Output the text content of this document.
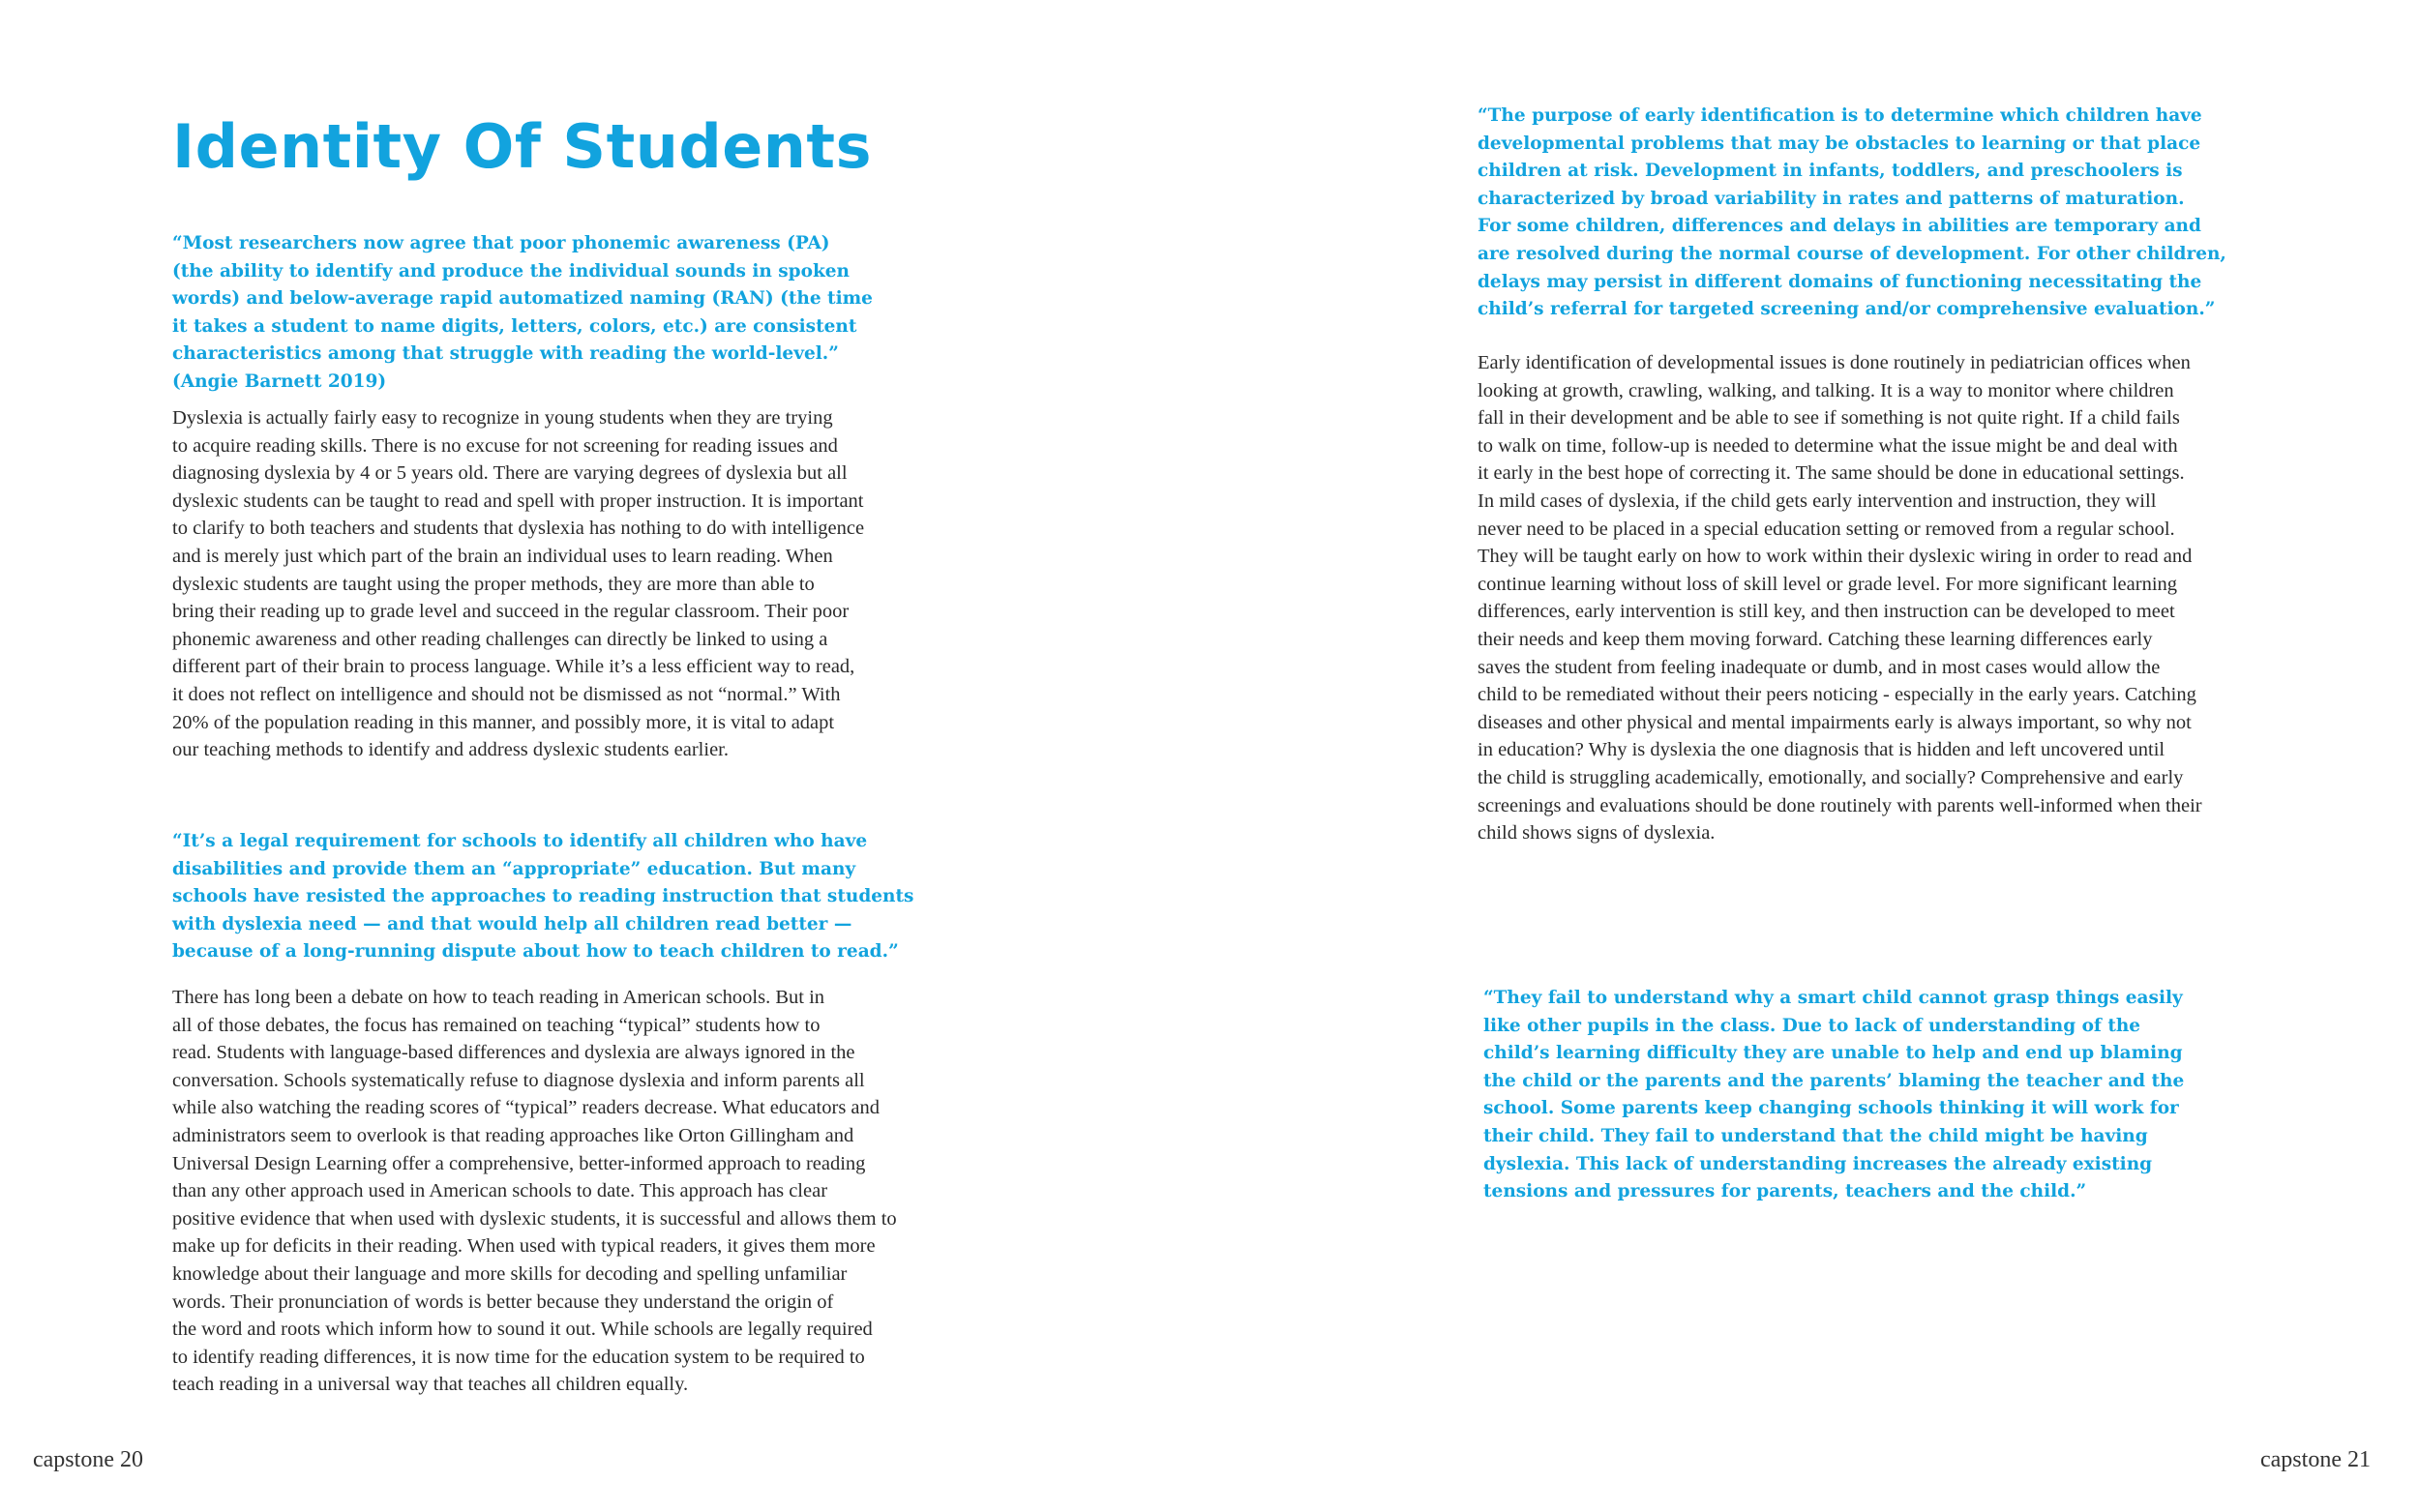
Identity Of Students

“Most researchers now agree that poor phonemic awareness (PA)
(the ability to identify and produce the individual sounds in spoken
words) and below-average rapid automatized naming (RAN) (the time
it takes a student to name digits, letters, colors, etc.) are consistent
characteristics among that struggle with reading the world-level.”
(Angie Barnett 2019)

Dyslexia is actually fairly easy to recognize in young students when they are trying
to acquire reading skills. There is no excuse for not screening for reading issues and
diagnosing dyslexia by 4 or 5 years old. There are varying degrees of dyslexia but all
dyslexic students can be taught to read and spell with proper instruction. It is important
to clarify to both teachers and students that dyslexia has nothing to do with intelligence
and is merely just which part of the brain an individual uses to learn reading. When
dyslexic students are taught using the proper methods, they are more than able to
bring their reading up to grade level and succeed in the regular classroom. Their poor
phonemic awareness and other reading challenges can directly be linked to using a
different part of their brain to process language. While it’s a less efficient way to read,
it does not reflect on intelligence and should not be dismissed as not “normal.” With
20% of the population reading in this manner, and possibly more, it is vital to adapt
our teaching methods to identify and address dyslexic students earlier.

“It’s a legal requirement for schools to identify all children who have
disabilities and provide them an “appropriate” education. But many
schools have resisted the approaches to reading instruction that students
with dyslexia need — and that would help all children read better —
because of a long-running dispute about how to teach children to read.”

There has long been a debate on how to teach reading in American schools. But in
all of those debates, the focus has remained on teaching “typical” students how to
read. Students with language-based differences and dyslexia are always ignored in the
conversation. Schools systematically refuse to diagnose dyslexia and inform parents all
while also watching the reading scores of “typical” readers decrease. What educators and
administrators seem to overlook is that reading approaches like Orton Gillingham and
Universal Design Learning offer a comprehensive, better-informed approach to reading
than any other approach used in American schools to date. This approach has clear
positive evidence that when used with dyslexic students, it is successful and allows them to
make up for deficits in their reading. When used with typical readers, it gives them more
knowledge about their language and more skills for decoding and spelling unfamiliar
words. Their pronunciation of words is better because they understand the origin of
the word and roots which inform how to sound it out. While schools are legally required
to identify reading differences, it is now time for the education system to be required to
teach reading in a universal way that teaches all children equally.

capstone 20

“The purpose of early identification is to determine which children have
developmental problems that may be obstacles to learning or that place
children at risk. Development in infants, toddlers, and preschoolers is
characterized by broad variability in rates and patterns of maturation.
For some children, differences and delays in abilities are temporary and
are resolved during the normal course of development. For other children,
delays may persist in different domains of functioning necessitating the
child’s referral for targeted screening and/or comprehensive evaluation.”

Early identification of developmental issues is done routinely in pediatrician offices when
looking at growth, crawling, walking, and talking. It is a way to monitor where children
fall in their development and be able to see if something is not quite right. If a child fails
to walk on time, follow-up is needed to determine what the issue might be and deal with
it early in the best hope of correcting it. The same should be done in educational settings.
In mild cases of dyslexia, if the child gets early intervention and instruction, they will
never need to be placed in a special education setting or removed from a regular school.
They will be taught early on how to work within their dyslexic wiring in order to read and
continue learning without loss of skill level or grade level. For more significant learning
differences, early intervention is still key, and then instruction can be developed to meet
their needs and keep them moving forward. Catching these learning differences early
saves the student from feeling inadequate or dumb, and in most cases would allow the
child to be remediated without their peers noticing - especially in the early years. Catching
diseases and other physical and mental impairments early is always important, so why not
in education? Why is dyslexia the one diagnosis that is hidden and left uncovered until
the child is struggling academically, emotionally, and socially? Comprehensive and early
screenings and evaluations should be done routinely with parents well-informed when their
child shows signs of dyslexia.

“They fail to understand why a smart child cannot grasp things easily
like other pupils in the class. Due to lack of understanding of the
child’s learning difficulty they are unable to help and end up blaming
the child or the parents and the parents’ blaming the teacher and the
school. Some parents keep changing schools thinking it will work for
their child. They fail to understand that the child might be having
dyslexia. This lack of understanding increases the already existing
tensions and pressures for parents, teachers and the child.”

capstone 21
